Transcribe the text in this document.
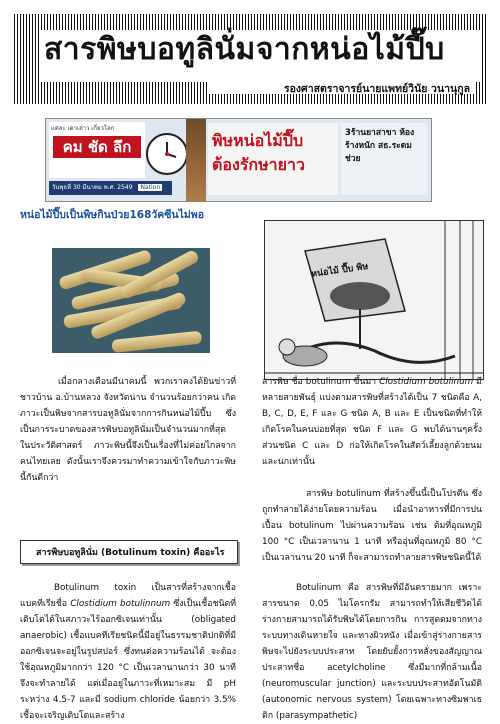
สารพิษบอทูลินั่มจากหน่อไม้ปี๊บ
รองศาสตราจารย์นายแพทย์วินัย วนานุกูล
แต่ละ เดาเล่าว เกี่ยวโลก
คม ชัด ลึก
วันพุธที่ 30 มีนาคม พ.ศ. 2549 Nation
พิษหน่อไม้ปี๊บ ต้องรักษายาว
3ร้านยาสาขา ห้องร้างหนัก สธ.ระดมช่วย
หน่อไม้ปี๊บเป็นพิษกินป่วย168วัคซีนไม่พอ
หน่อไม้ ปี๊บ พิษ
เมื่อกลางเดือนมีนาคมนี้ พวกเราคงได้ยินข่าวที่ชาวบ้าน อ.บ้านหลวง จังหวัดน่าน จำนวนร้อยกว่าคน เกิดภาวะเป็นพิษจากสารบอทูลินั่มจากการกินหน่อไม้ปี๊บ ซึ่งเป็นการระบาดของสารพิษบอทูลินั่มเป็นจำนวนมากที่สุดในประวัติศาสตร์ ภาวะพิษนี้จึงเป็นเรื่องที่ไม่ค่อยไกลจากคนไทยเลย ดังนั้นเราจึงควรมาทำความเข้าใจกับภาวะพิษนี้กันดีกว่า
สารพิษบอทูลินั่ม (Botulinum toxin) คืออะไร
Botulinum toxin เป็นสารที่สร้างจากเชื้อแบคทีเรียชื่อ Clostidium botulinnum ซึ่งเป็นเชื้อชนิดที่เติบโตได้ในสภาวะไร้ออกซิเจนเท่านั้น (obligated anaerobic) เชื้อแบคทีเรียชนิดนี้มีอยู่ในธรรมชาติปกติที่มีออกซิเจนจะอยู่ในรูปสปอร์ ซึ่งทนต่อความร้อนได้ จะต้องใช้อุณหภูมิมากกว่า 120 °C เป็นเวลานานกว่า 30 นาที จึงจะทำลายได้ แต่เมื่ออยู่ในภาวะที่เหมาะสม มี pH ระหว่าง 4.5-7 และมี sodium chloride น้อยกว่า 3.5% เชื้อจะเจริญเติบโตและสร้าง
สารพิษ ชื่อ botulinum ขึ้นมา Clostidium botulinum มีหลายสายพันธุ์ แบ่งตามสารพิษที่สร้างได้เป็น 7 ชนิดคือ A, B, C, D, E, F และ G ชนิด A, B และ E เป็นชนิดที่ทำให้เกิดโรคในคนบ่อยที่สุด ชนิด F และ G พบได้นานๆครั้ง ส่วนชนิด C และ D ก่อให้เกิดโรคในสัตว์เลี้ยงลูกด้วยนมและนกเท่านั้น
สารพิษ botulinum ที่สร้างขึ้นนี้เป็นโปรตีน ซึ่งถูกทำลายได้ง่ายโดยความร้อน เมื่อนำอาหารที่มีการปนเปื้อน botulinum ไปผ่านความร้อน เช่น ต้มที่อุณหภูมิ 100 °C เป็นเวลานาน 1 นาที หรืออุ่นที่อุณหภูมิ 80 °C เป็นเวลานาน 20 นาที ก็จะสามารถทำลายสารพิษชนิดนี้ได้
Botulinum คือ สารพิษที่มีอันตรายมาก เพราะสารขนาด 0.05 ไมโครกรัม สามารถทำให้เสียชีวิตได้ ร่างกายสามารถได้รับพิษได้โดยการกิน การสูดดมจากทางระบบทางเดินหายใจ และทางผิวหนัง เมื่อเข้าสู่ร่างกายสารพิษจะไปยังระบบประสาท โดยยับยั้งการหลั่งของสัญญาณประสาทชื่อ acetylcholine ซึ่งมีมากที่กล้ามเนื้อ (neuromuscular junction) และระบบประสาทอัตโนมัติ (autonomic nervous system) โดยเฉพาะทางซิมพาเธติก (parasympathetic)
